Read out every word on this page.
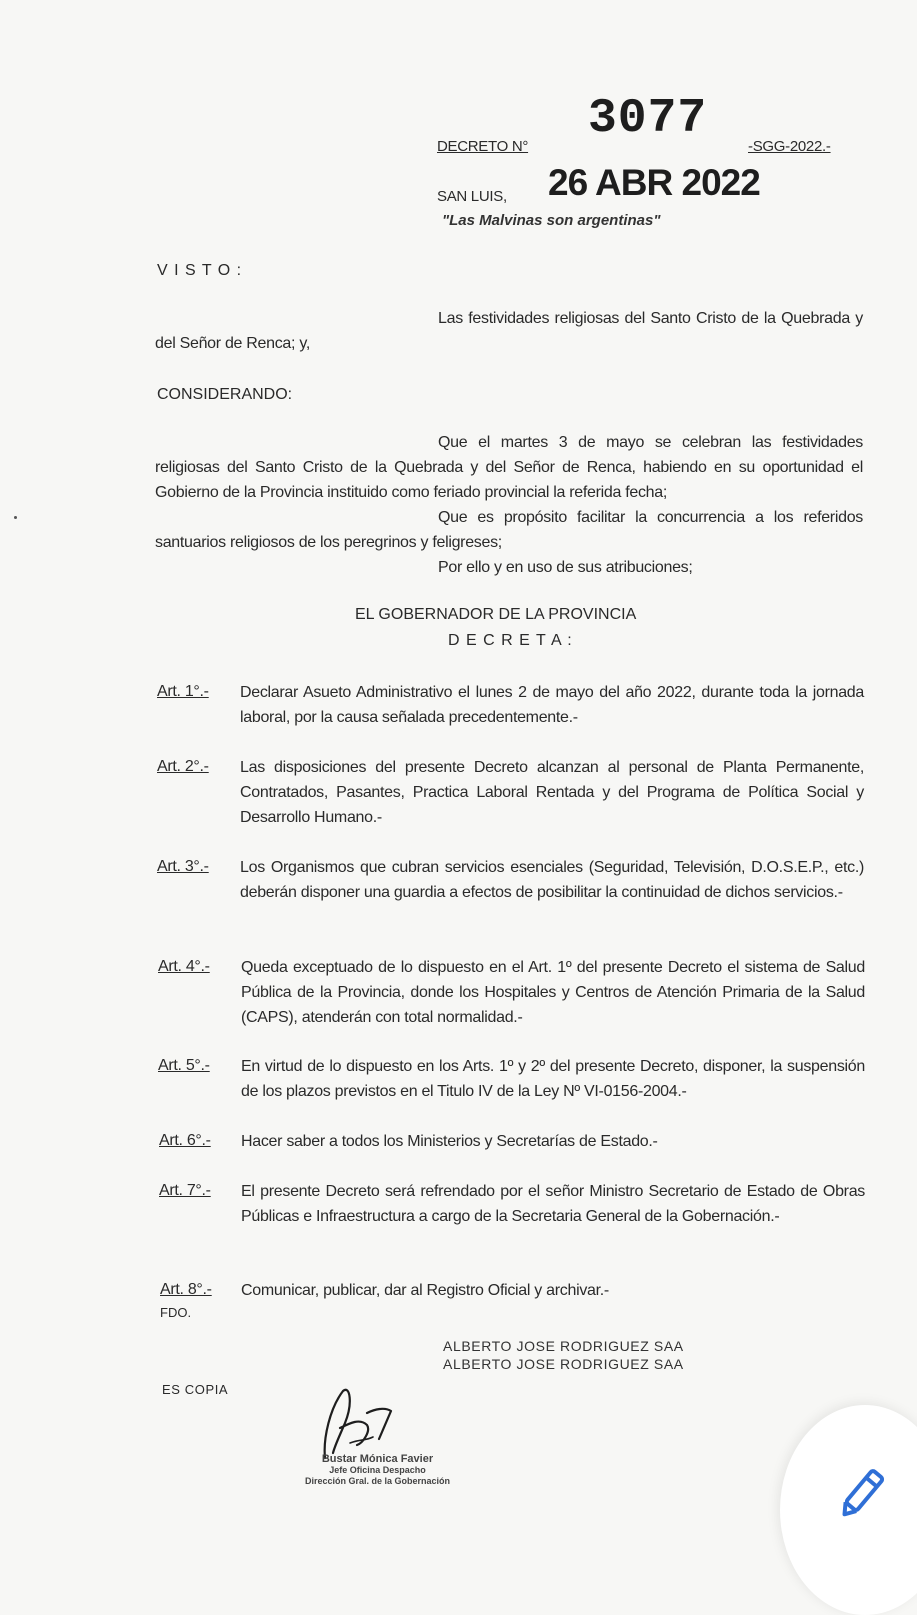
DECRETO N°
3077
-SGG-2022.-
SAN LUIS, 26 ABR 2022
"Las Malvinas son argentinas"
V I S T O :
Las festividades religiosas del Santo Cristo de la Quebrada y del Señor de Renca; y,
CONSIDERANDO:
Que el martes 3 de mayo se celebran las festividades religiosas del Santo Cristo de la Quebrada y del Señor de Renca, habiendo en su oportunidad el Gobierno de la Provincia instituido como feriado provincial la referida fecha;
Que es propósito facilitar la concurrencia a los referidos santuarios religiosos de los peregrinos y feligreses;
Por ello y en uso de sus atribuciones;
EL GOBERNADOR DE LA PROVINCIA
D E C R E T A :
Art. 1°.- Declarar Asueto Administrativo el lunes 2 de mayo del año 2022, durante toda la jornada laboral, por la causa señalada precedentemente.-
Art. 2°.- Las disposiciones del presente Decreto alcanzan al personal de Planta Permanente, Contratados, Pasantes, Practica Laboral Rentada y del Programa de Política Social y Desarrollo Humano.-
Art. 3°.- Los Organismos que cubran servicios esenciales (Seguridad, Televisión, D.O.S.E.P., etc.) deberán disponer una guardia a efectos de posibilitar la continuidad de dichos servicios.-
Art. 4°.- Queda exceptuado de lo dispuesto en el Art. 1º del presente Decreto el sistema de Salud Pública de la Provincia, donde los Hospitales y Centros de Atención Primaria de la Salud (CAPS), atenderán con total normalidad.-
Art. 5°.- En virtud de lo dispuesto en los Arts. 1º y 2º del presente Decreto, disponer, la suspensión de los plazos previstos en el Titulo IV de la Ley Nº VI-0156-2004.-
Art. 6°.- Hacer saber a todos los Ministerios y Secretarías de Estado.-
Art. 7°.- El presente Decreto será refrendado por el señor Ministro Secretario de Estado de Obras Públicas e Infraestructura a cargo de la Secretaria General de la Gobernación.-
Art. 8°.- Comunicar, publicar, dar al Registro Oficial y archivar.-
FDO.
ALBERTO JOSE RODRIGUEZ SAA
ALBERTO JOSE RODRIGUEZ SAA
ES COPIA
Bustar Mónica Favier
Jefe Oficina Despacho
Dirección Gral. de la Gobernación
